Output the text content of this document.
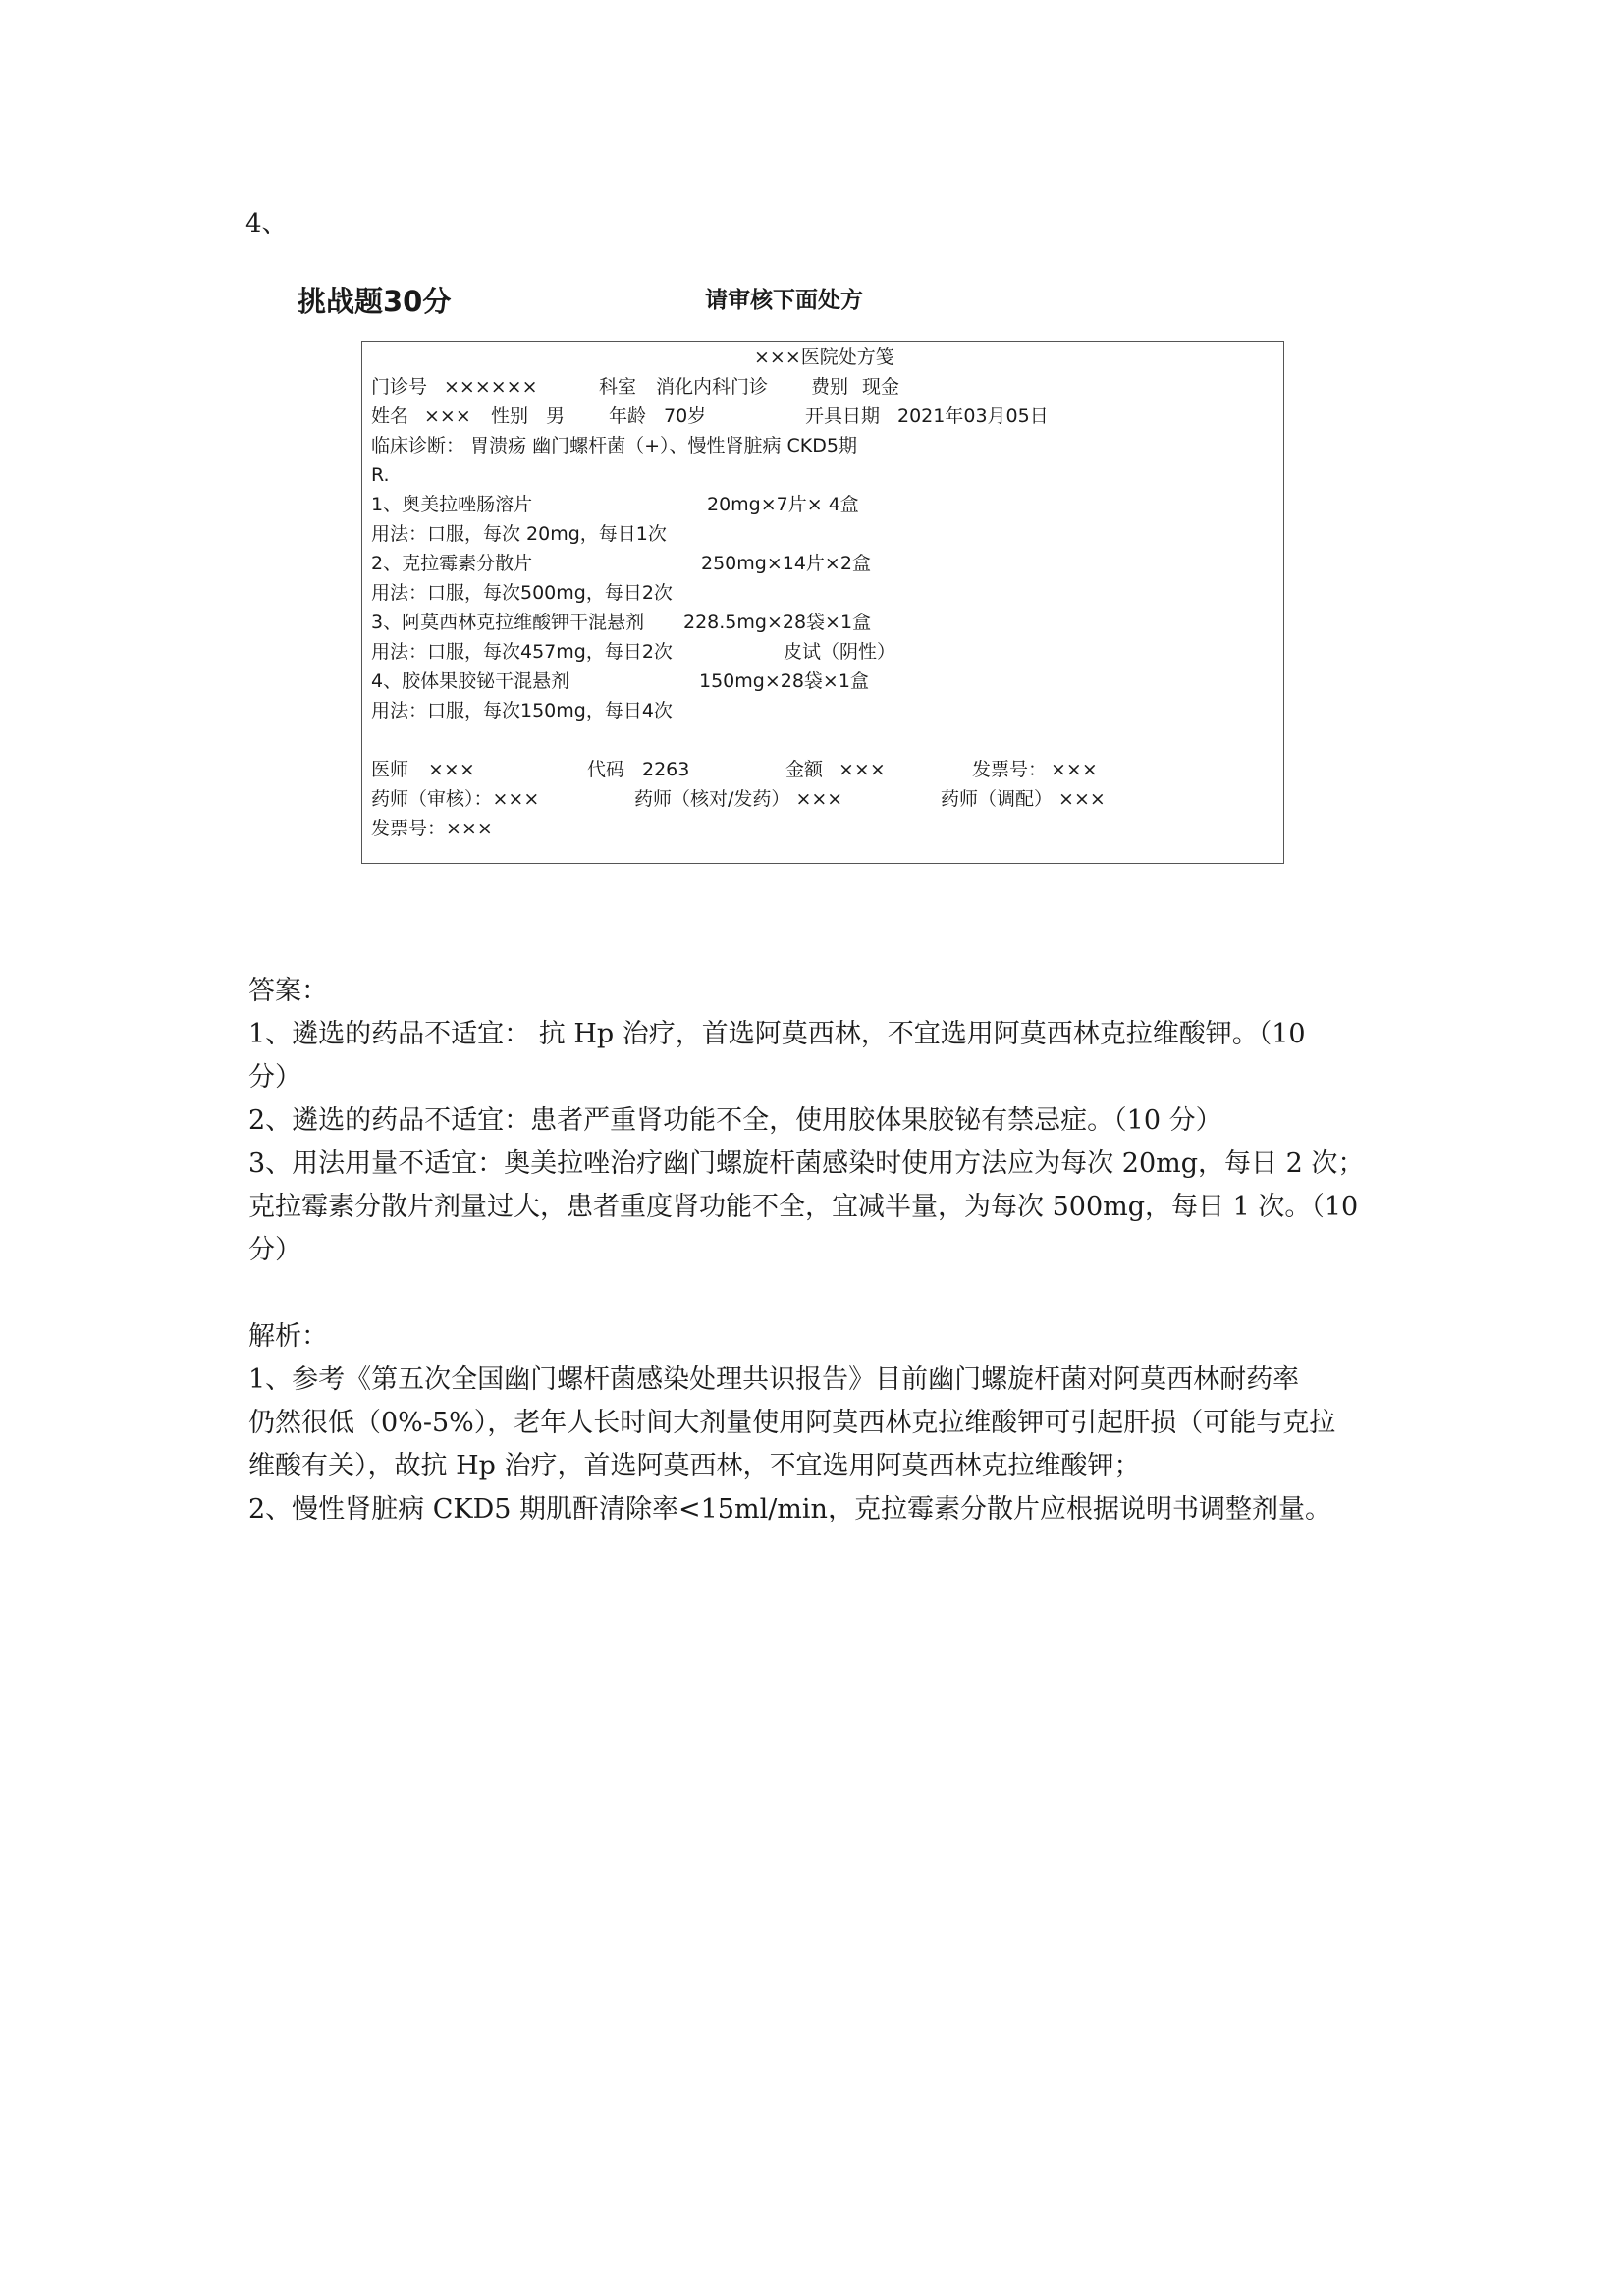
4、
挑战题30分	请审核下面处方
×××医院处方笺
门诊号 ××××××	科室 消化内科门诊 费别 现金
姓名 ××× 性别 男 年龄 70岁	开具日期 2021年03月05日
临床诊断： 胃溃疡 幽门螺杆菌（+）、慢性肾脏病 CKD5期
R.
1、奥美拉唑肠溶片	20mg×7片× 4盒
用法：口服，每次 20mg，每日1次
2、克拉霉素分散片	250mg×14片×2盒
用法：口服，每次500mg，每日2次
3、阿莫西林克拉维酸钾干混悬剂 228.5mg×28袋×1盒
用法：口服，每次457mg，每日2次	皮试（阴性）
4、胶体果胶铋干混悬剂	150mg×28袋×1盒
用法：口服，每次150mg，每日4次
医师 ×××	代码 2263	金额 ×××	发票号： ×××
药师（审核）：×××	药师（核对/发药） ×××	药师（调配） ×××
发票号：×××
答案：
1、遴选的药品不适宜： 抗 Hp 治疗，首选阿莫西林，不宜选用阿莫西林克拉维酸钾。（10
分）
2、遴选的药品不适宜：患者严重肾功能不全，使用胶体果胶铋有禁忌症。（10 分）
3、用法用量不适宜：奥美拉唑治疗幽门螺旋杆菌感染时使用方法应为每次 20mg，每日 2 次；
克拉霉素分散片剂量过大，患者重度肾功能不全，宜减半量，为每次 500mg，每日 1 次。（10
分）
解析：
1、参考《第五次全国幽门螺杆菌感染处理共识报告》目前幽门螺旋杆菌对阿莫西林耐药率
仍然很低（0%-5%），老年人长时间大剂量使用阿莫西林克拉维酸钾可引起肝损（可能与克拉
维酸有关），故抗 Hp 治疗，首选阿莫西林，不宜选用阿莫西林克拉维酸钾；
2、慢性肾脏病 CKD5 期肌酐清除率<15ml/min，克拉霉素分散片应根据说明书调整剂量。
